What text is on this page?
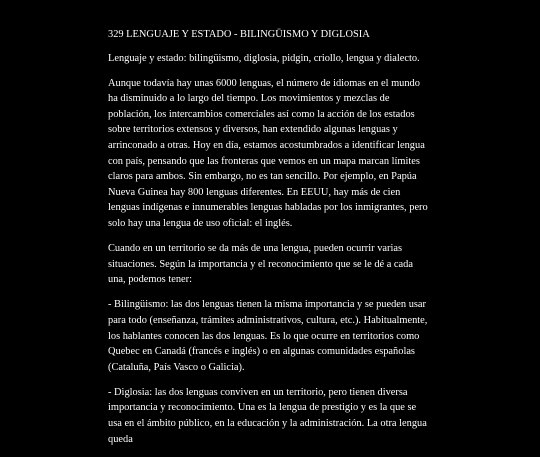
329 LENGUAJE Y ESTADO - BILINGÜISMO Y DIGLOSIA

Lenguaje y estado: bilingüismo, diglosia, pidgin, criollo, lengua y dialecto.

Aunque todavía hay unas 6000 lenguas, el número de idiomas en el mundo ha disminuido a lo largo del tiempo. Los movimientos y mezclas de población, los intercambios comerciales así como la acción de los estados sobre territorios extensos y diversos, han extendido algunas lenguas y arrinconado a otras. Hoy en día, estamos acostumbrados a identificar lengua con país, pensando que las fronteras que vemos en un mapa marcan límites claros para ambos. Sin embargo, no es tan sencillo. Por ejemplo, en Papúa Nueva Guinea hay 800 lenguas diferentes. En EEUU, hay más de cien lenguas indígenas e innumerables lenguas habladas por los inmigrantes, pero solo hay una lengua de uso oficial: el inglés.

Cuando en un territorio se da más de una lengua, pueden ocurrir varias situaciones. Según la importancia y el reconocimiento que se le dé a cada una, podemos tener:

- Bilingüismo: las dos lenguas tienen la misma importancia y se pueden usar para todo (enseñanza, trámites administrativos, cultura, etc.). Habitualmente, los hablantes conocen las dos lenguas. Es lo que ocurre en territorios como Quebec en Canadá (francés e inglés) o en algunas comunidades españolas (Cataluña, País Vasco o Galicia).

- Diglosia: las dos lenguas conviven en un territorio, pero tienen diversa importancia y reconocimiento. Una es la lengua de prestigio y es la que se usa en el ámbito público, en la educación y la administración. La otra lengua queda
